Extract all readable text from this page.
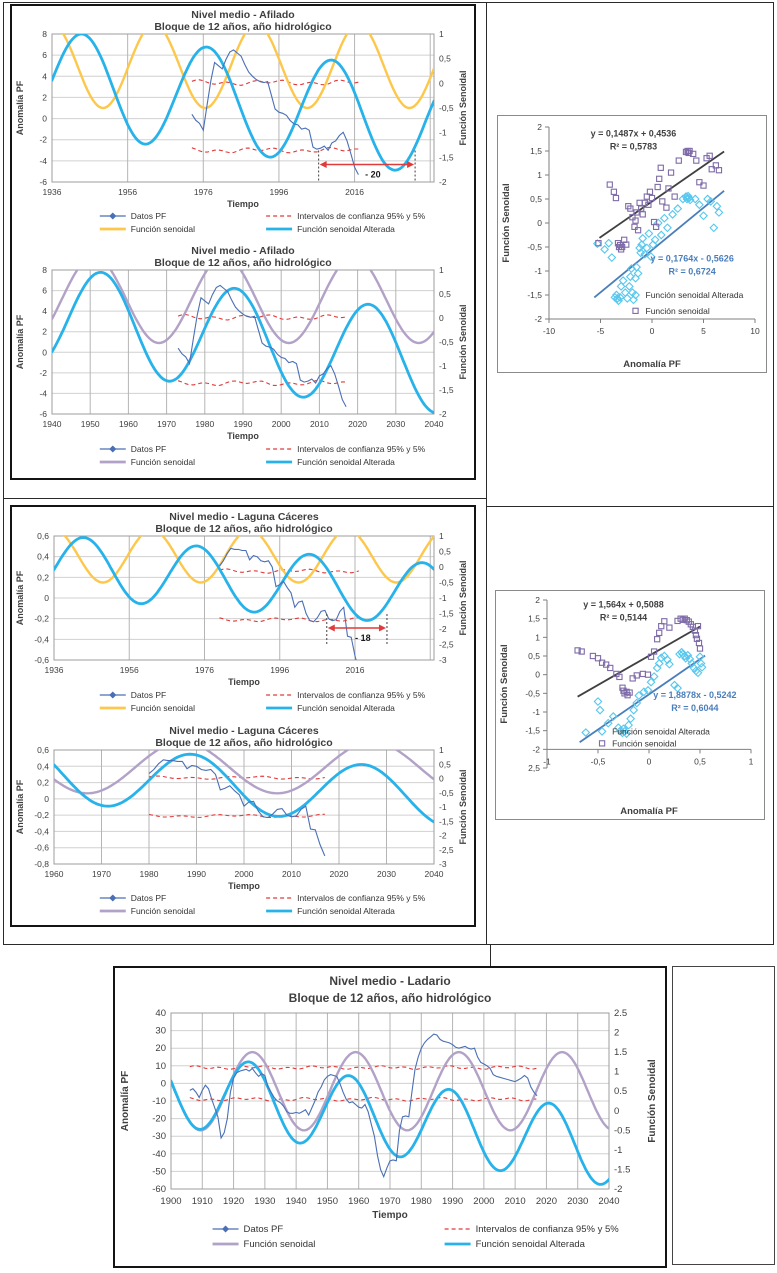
Nivel medio - Afilado
Bloque de 12 años, año hidrológico
- 20
8
6
4
2
0
-2
-4
-6
1
0,5
0
-0,5
-1
-1,5
-2
1936	1956	1976	1996	2016
Tiempo
Anomalía PF	Función Senoidal
Datos PF	Intervalos de confianza 95% y 5%
Función senoidal	Función senoidal Alterada
Nivel medio - Afilado
Bloque de 12 años, año hidrológico
8
6
4
2
0
-2
-4
-6
1
0,5
0
-0,5
-1
-1,5
-2
1940 1950 1960 1970 1980 1990 2000 2010 2020 2030 2040
Tiempo
Anomalía PF	Función Senoidal
Datos PF	Intervalos de confianza 95% y 5%
Función senoidal	Función senoidal Alterada
2
1,5
1
0,5
0
-0,5
-1
-1,5
-2
-10	-5	0	5	10
y = 0,1487x + 0,4536
R² = 0,5783
y = 0,1764x - 0,5626
R² = 0,6724
Función senoidal Alterada
Función senoidal
Anomalía PF
Función Senoidal
Nivel medio - Laguna Cáceres
Bloque de 12 años, año hidrológico
- 18
0,6
0,4
0,2
0
-0,2
-0,4
-0,6
1
0,5
0
-0,5
-1
-1,5
-2
-2,5
-3
1936	1956	1976	1996	2016
Tiempo
Anomalía PF	Función Senoidal
Datos PF	Intervalos de confianza 95% y 5%
Función senoidal	Función senoidal Alterada
Nivel medio - Laguna Cáceres
Bloque de 12 años, año hidrológico
0,6
0,4
0,2
0
-0,2
-0,4
-0,6
-0,8
1
0,5
0
-0,5
-1
-1,5
-2
-2,5
-3
1960	1970	1980	1990	2000	2010	2020	2030	2040
Tiempo
Anomalía PF	Función Senoidal
Datos PF	Intervalos de confianza 95% y 5%
Función senoidal	Función senoidal Alterada
2
1,5
1
0,5
0
-0,5
-1
-1,5
-2
2,5
-1	-0,5	0	0,5	1
y = 1,564x + 0,5088
R² = 0,5144
y = 1,8878x - 0,5242
R² = 0,6044
Función senoidal Alterada
Función senoidal
Anomalía PF
Función Senoidal
Nivel medio - Ladario
Bloque de 12 años, año hidrológico
40
30
20
10
0
-10
-20
-30
-40
-50
-60
2.5
2
1.5
1
0.5
0
-0.5
-1
-1.5
-2
1900 1910 1920 1930 1940 1950 1960 1970 1980 1990 2000 2010 2020 2030 2040
Tiempo
Anomalía PF	Función Senoidal
Datos PF	Intervalos de confianza 95% y 5%
Función senoidal	Función senoidal Alterada
